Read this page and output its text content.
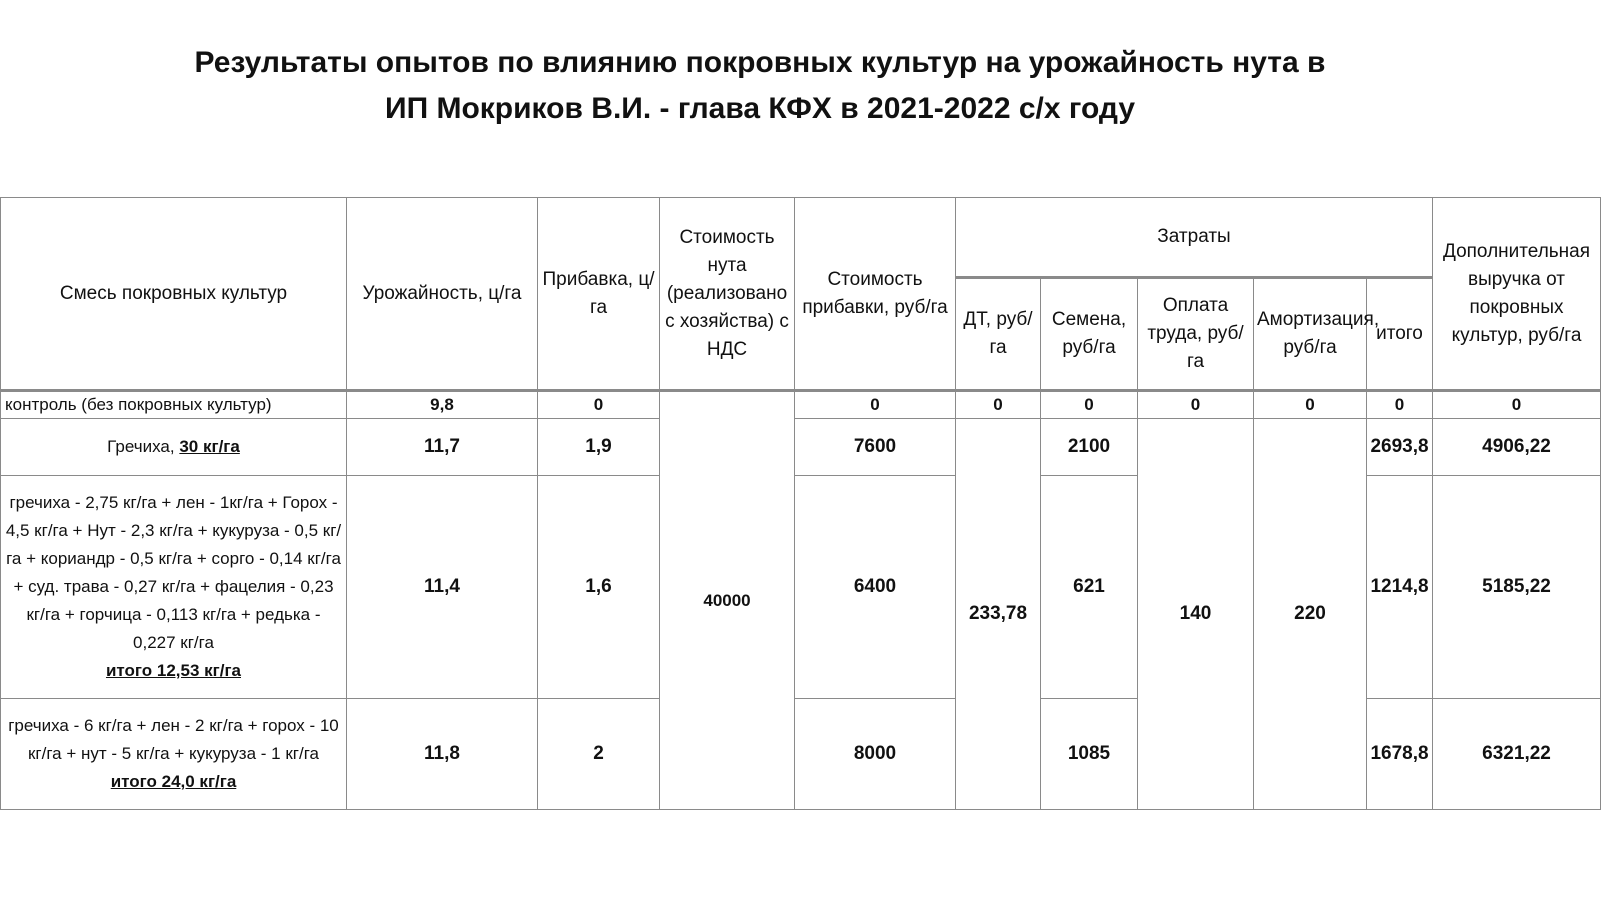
Результаты опытов по влиянию покровных культур на урожайность нута в
ИП Мокриков В.И. - глава КФХ в 2021-2022 с/х году
Смесь покровных культур	Урожайность, ц/га	Прибавка, ц/га	Стоимость нута (реализовано с хозяйства) с НДС	Стоимость прибавки, руб/га	Затраты					Дополнительная выручка от покровных культур, руб/га
					ДТ, руб/га	Семена, руб/га	Оплата труда, руб/га	Амортизация, руб/га	итого	
контроль (без покровных культур)	9,8	0	40000	0	0	0	0	0	0	0
Гречиха, 30 кг/га	11,7	1,9		7600	233,78	2100	140	220	2693,8	4906,22
гречиха - 2,75 кг/га + лен - 1кг/га + Горох - 4,5 кг/га + Нут - 2,3 кг/га + кукуруза - 0,5 кг/га + кориандр - 0,5 кг/га + сорго - 0,14 кг/га + суд. трава - 0,27 кг/га + фацелия - 0,23 кг/га + горчица - 0,113 кг/га + редька - 0,227 кг/га
итого 12,53 кг/га	11,4	1,6		6400		621			1214,8	5185,22
гречиха - 6 кг/га + лен - 2 кг/га + горох - 10 кг/га + нут - 5 кг/га + кукуруза - 1 кг/га
итого 24,0 кг/га	11,8	2		8000		1085			1678,8	6321,22
